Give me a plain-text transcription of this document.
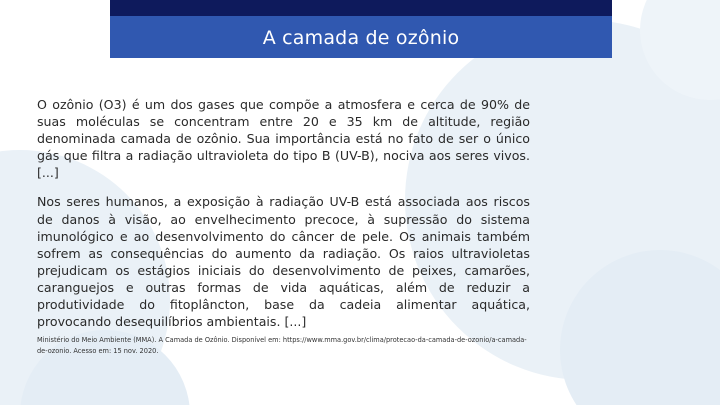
A camada de ozônio

O ozônio (O3) é um dos gases que compõe a atmosfera e cerca de 90% de suas moléculas se concentram entre 20 e 35 km de altitude, região denominada camada de ozônio. Sua importância está no fato de ser o único gás que filtra a radiação ultravioleta do tipo B (UV-B), nociva aos seres vivos. [...]

Nos seres humanos, a exposição à radiação UV-B está associada aos riscos de danos à visão, ao envelhecimento precoce, à supressão do sistema imunológico e ao desenvolvimento do câncer de pele. Os animais também sofrem as consequências do aumento da radiação. Os raios ultravioletas prejudicam os estágios iniciais do desenvolvimento de peixes, camarões, caranguejos e outras formas de vida aquáticas, além de reduzir a produtividade do fitoplâncton, base da cadeia alimentar aquática, provocando desequilíbrios ambientais. [...]

Ministério do Meio Ambiente (MMA). A Camada de Ozônio. Disponível em: https://www.mma.gov.br/clima/protecao-da-camada-de-ozonio/a-camada-de-ozonio. Acesso em: 15 nov. 2020.
